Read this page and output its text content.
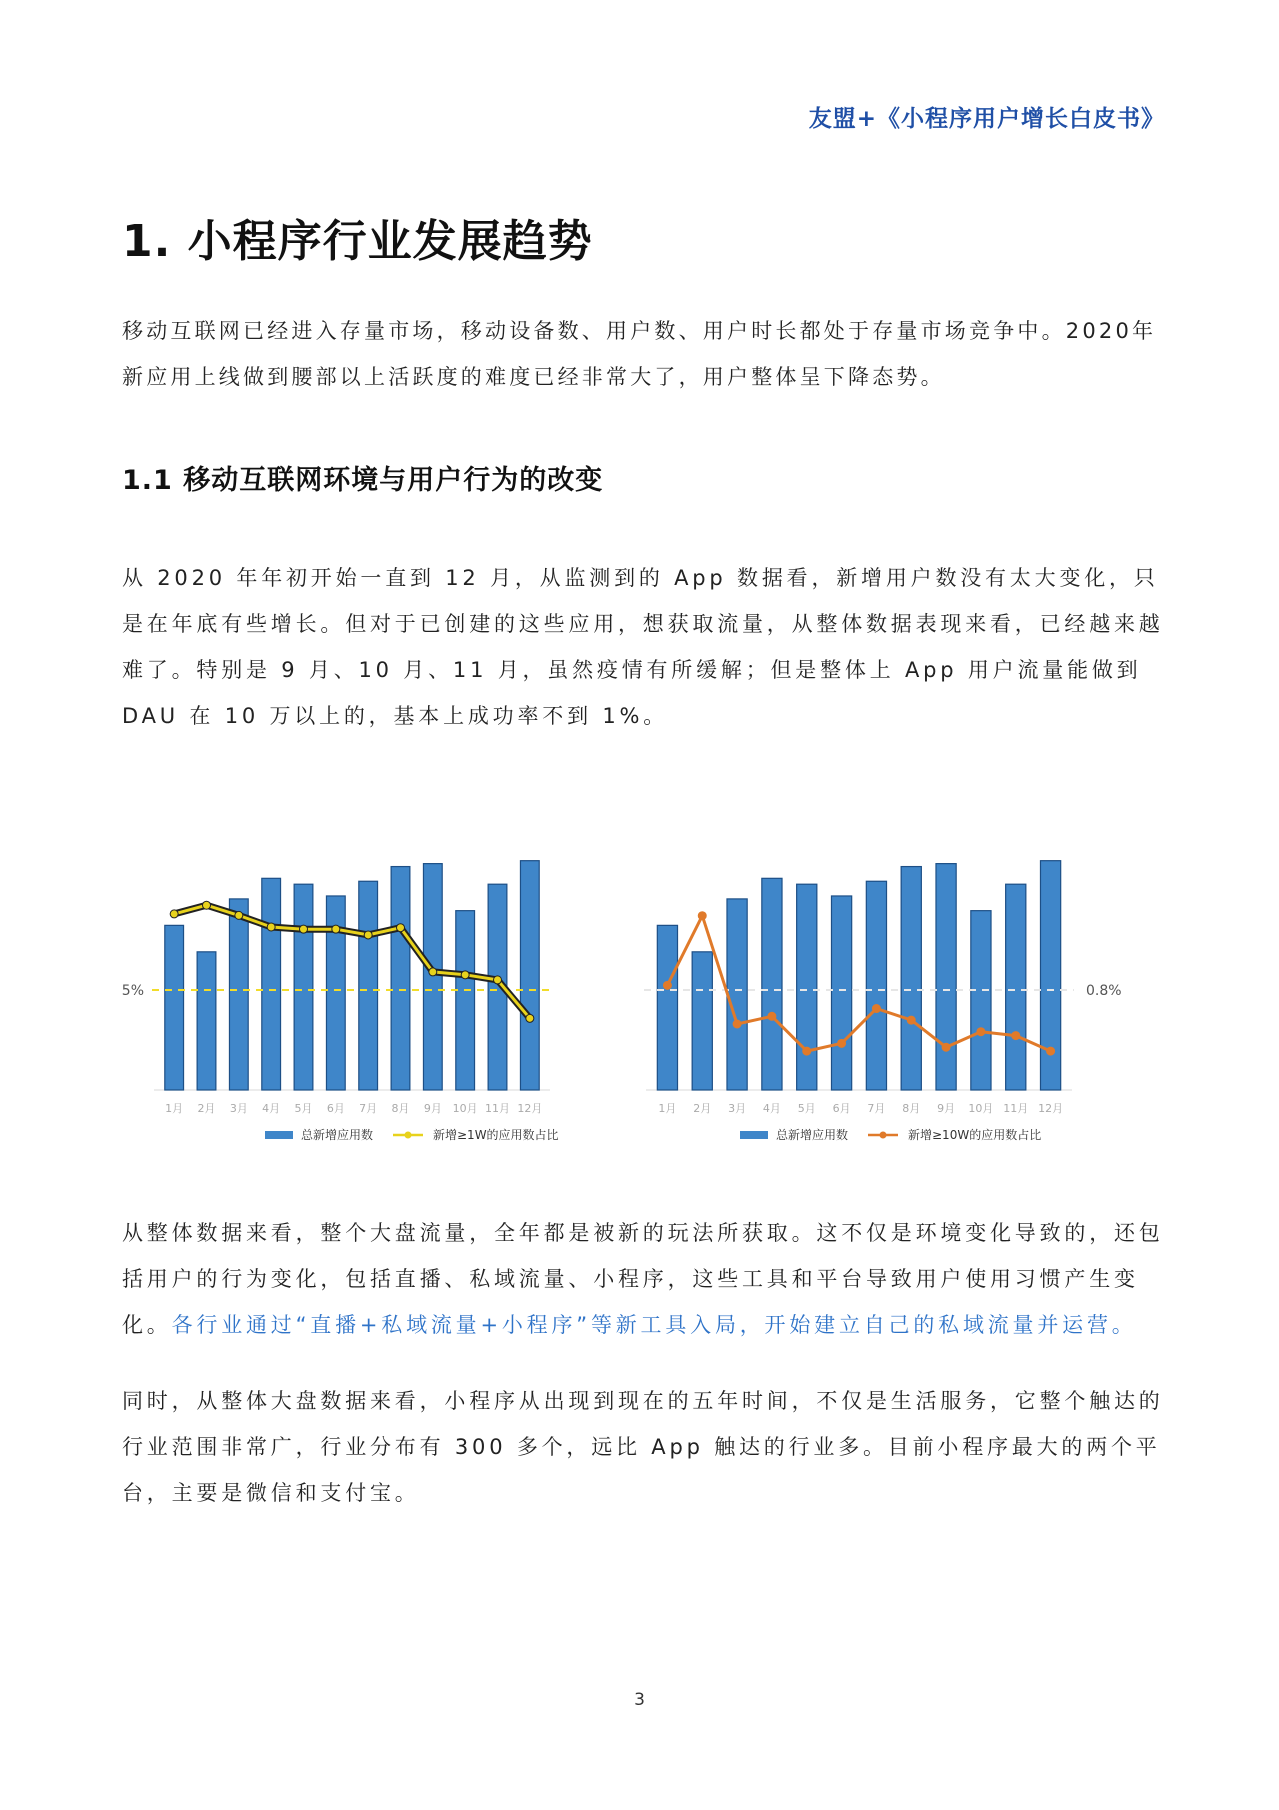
友盟+《小程序用户增长白皮书》
1. 小程序行业发展趋势
移动互联网已经进入存量市场，移动设备数、用户数、用户时长都处于存量市场竞争中。2020年新应用上线做到腰部以上活跃度的难度已经非常大了，用户整体呈下降态势。
1.1 移动互联网环境与用户行为的改变
从 2020 年年初开始一直到 12 月，从监测到的 App 数据看，新增用户数没有太大变化，只是在年底有些增长。但对于已创建的这些应用，想获取流量，从整体数据表现来看，已经越来越难了。特别是 9 月、10 月、11 月，虽然疫情有所缓解；但是整体上 App 用户流量能做到 DAU 在 10 万以上的，基本上成功率不到 1%。
5%
1月 2月 3月 4月 5月 6月 7月 8月 9月 10月 11月 12月
总新增应用数	新增≥1W的应用数占比
0.8%
1月 2月 3月 4月 5月 6月 7月 8月 9月 10月 11月 12月
总新增应用数	新增≥10W的应用数占比
从整体数据来看，整个大盘流量，全年都是被新的玩法所获取。这不仅是环境变化导致的，还包括用户的行为变化，包括直播、私域流量、小程序，这些工具和平台导致用户使用习惯产生变化。各行业通过“直播+私域流量+小程序”等新工具入局，开始建立自己的私域流量并运营。
同时，从整体大盘数据来看，小程序从出现到现在的五年时间，不仅是生活服务，它整个触达的行业范围非常广，行业分布有 300 多个，远比 App 触达的行业多。目前小程序最大的两个平台，主要是微信和支付宝。
3
